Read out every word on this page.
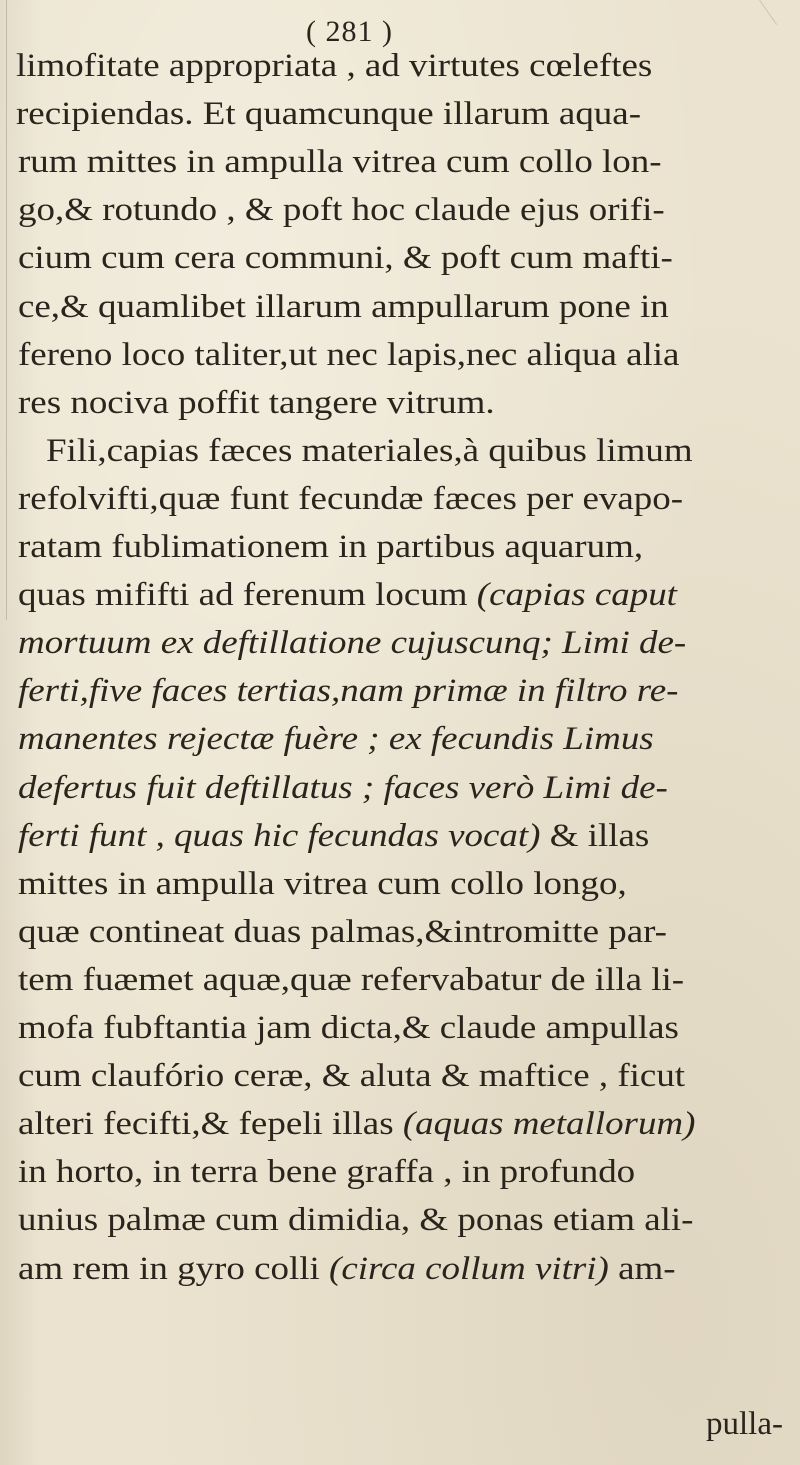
( 281 )
limofitate appropriata , ad virtutes cœleftes
recipiendas. Et quamcunque illarum aqua-
rum mittes in ampulla vitrea cum collo lon-
go,& rotundo , & poft hoc claude ejus orifi-
cium cum cera communi, & poft cum mafti-
ce,& quamlibet illarum ampullarum pone in
fereno loco taliter,ut nec lapis,nec aliqua alia
res nociva poffit tangere vitrum.
Fili,capias fæces materiales,à quibus limum
refolvifti,quæ funt fecundæ fæces per evapo-
ratam fublimationem in partibus aquarum,
quas mififti ad ferenum locum (capias caput
mortuum ex deftillatione cujuscunq; Limi de-
ferti,five faces tertias,nam primæ in filtro re-
manentes rejectæ fuère ; ex fecundis Limus
defertus fuit deftillatus ; faces verò Limi de-
ferti funt , quas hic fecundas vocat) & illas
mittes in ampulla vitrea cum collo longo,
quæ contineat duas palmas,&intromitte par-
tem fuæmet aquæ,quæ refervabatur de illa li-
mofa fubftantia jam dicta,& claude ampullas
cum claufório ceræ, & aluta & maftice , ficut
alteri fecifti,& fepeli illas (aquas metallorum)
in horto, in terra bene graffa , in profundo
unius palmæ cum dimidia, & ponas etiam ali-
am rem in gyro colli (circa collum vitri) am-
pulla-
